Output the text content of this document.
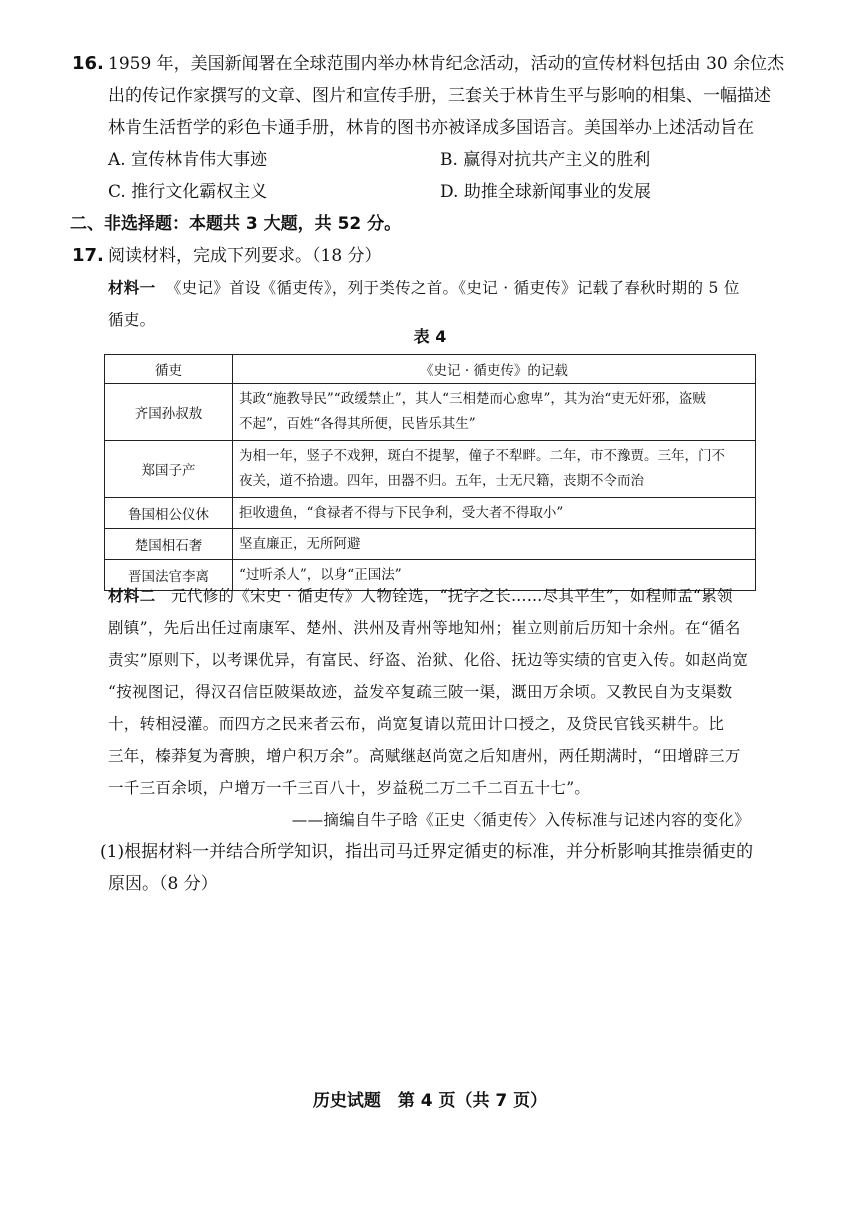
16. 1959 年，美国新闻署在全球范围内举办林肯纪念活动，活动的宣传材料包括由 30 余位杰
出的传记作家撰写的文章、图片和宣传手册，三套关于林肯生平与影响的相集、一幅描述
林肯生活哲学的彩色卡通手册，林肯的图书亦被译成多国语言。美国举办上述活动旨在
A. 宣传林肯伟大事迹	B. 赢得对抗共产主义的胜利
C. 推行文化霸权主义	D. 助推全球新闻事业的发展
二、非选择题：本题共 3 大题，共 52 分。
17. 阅读材料，完成下列要求。（18 分）
材料一 《史记》首设《循吏传》，列于类传之首。《史记 · 循吏传》记载了春秋时期的 5 位
循吏。
表 4
循吏	《史记 · 循吏传》的记载
齐国孙叔敖	其政“施教导民”“政缓禁止”，其人“三相楚而心愈卑”，其为治“吏无奸邪，盗贼
不起”，百姓“各得其所便，民皆乐其生”

郑国子产	为相一年，竖子不戏狎，斑白不提挈，僮子不犁畔。二年，市不豫贾。三年，门不
夜关，道不拾遗。四年，田器不归。五年，士无尺籍，丧期不令而治

鲁国相公仪休	拒收遗鱼，“食禄者不得与下民争利，受大者不得取小”
楚国相石奢	坚直廉正，无所阿避
晋国法官李离	“过听杀人”，以身“正国法”
材料二 元代修的《宋史 · 循吏传》人物铨选，“抚字之长……尽其平生”，如程师孟“累领
剧镇”，先后出任过南康军、楚州、洪州及青州等地知州；崔立则前后历知十余州。在“循名
责实”原则下，以考课优异，有富民、纾盗、治狱、化俗、抚边等实绩的官吏入传。如赵尚宽
“按视图记，得汉召信臣陂渠故迹，益发卒复疏三陂一渠，溉田万余顷。又教民自为支渠数
十，转相浸灌。而四方之民来者云布，尚宽复请以荒田计口授之，及贷民官钱买耕牛。比
三年，榛莽复为膏腴，增户积万余”。高赋继赵尚宽之后知唐州，两任期满时，“田增辟三万
一千三百余顷，户增万一千三百八十，岁益税二万二千二百五十七”。
——摘编自牛子晗《正史〈循吏传〉入传标准与记述内容的变化》
(1)根据材料一并结合所学知识，指出司马迁界定循吏的标准，并分析影响其推崇循吏的
原因。（8 分）
历史试题　第 4 页（共 7 页）
